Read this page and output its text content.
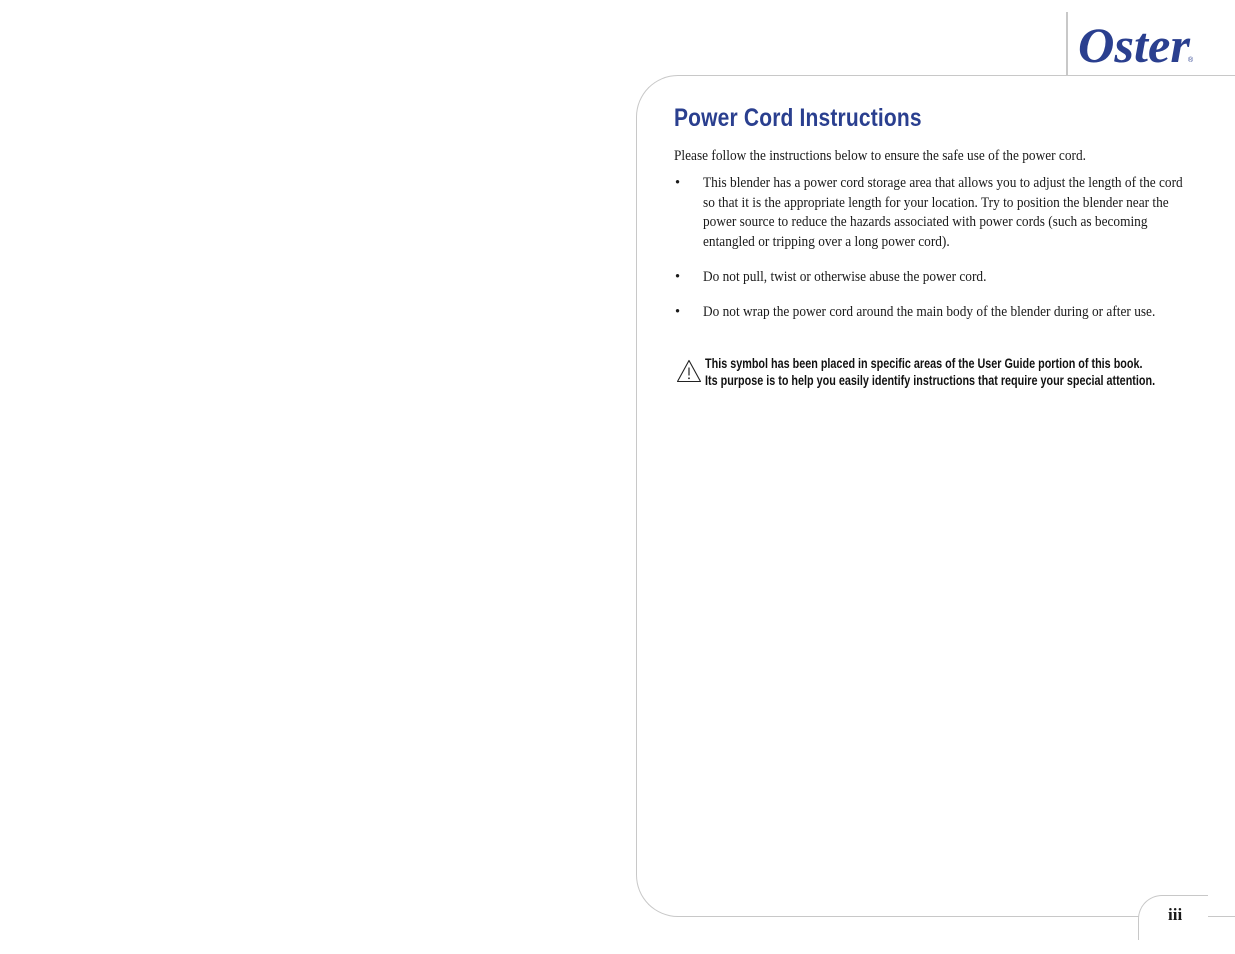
Oster
®
Power Cord Instructions

Please follow the instructions below to ensure the safe use of the power cord.

• This blender has a power cord storage area that allows you to adjust the length of the cord so that it is the appropriate length for your location. Try to position the blender near the power source to reduce the hazards associated with power cords (such as becoming entangled or tripping over a long power cord).
• Do not pull, twist or otherwise abuse the power cord.
• Do not wrap the power cord around the main body of the blender during or after use.

This symbol has been placed in specific areas of the User Guide portion of this book.
Its purpose is to help you easily identify instructions that require your special attention.

iii
